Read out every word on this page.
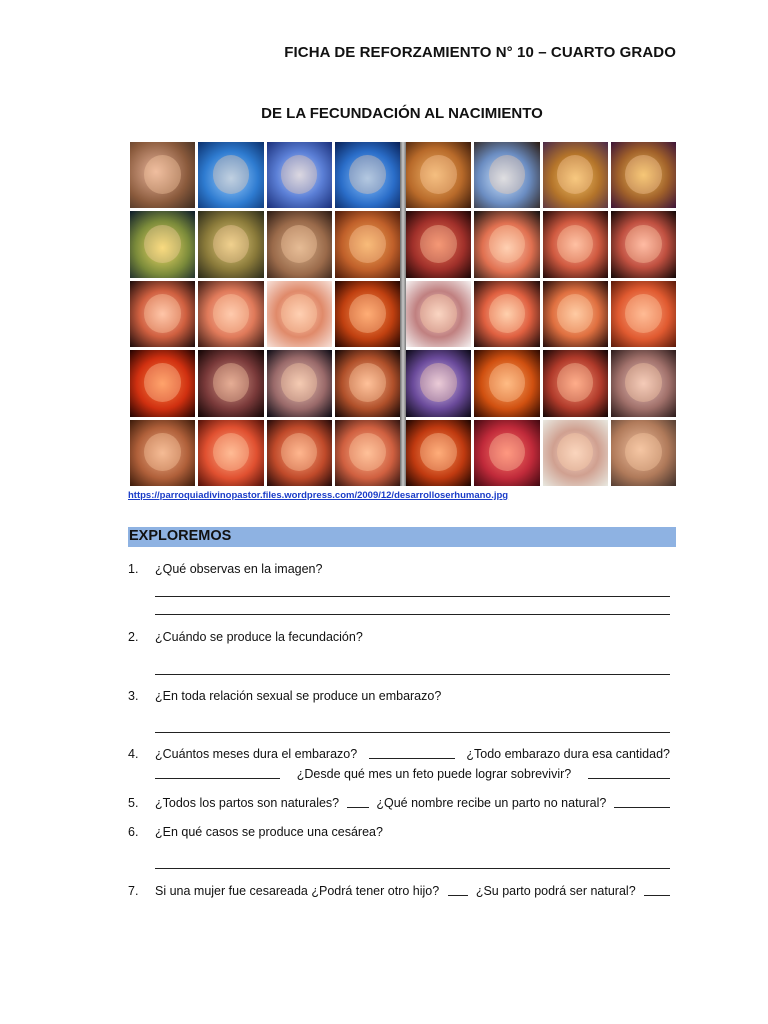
FICHA DE REFORZAMIENTO N° 10 – CUARTO GRADO
DE LA FECUNDACIÓN AL NACIMIENTO
https://parroquiadivinopastor.files.wordpress.com/2009/12/desarrolloserhumano.jpg
EXPLOREMOS
1. ¿Qué observas en la imagen?
2. ¿Cuándo se produce la fecundación?
3. ¿En toda relación sexual se produce un embarazo?
4. ¿Cuántos meses dura el embarazo?	¿Todo embarazo dura esa cantidad?
¿Desde qué mes un feto puede lograr sobrevivir?
5. ¿Todos los partos son naturales?	¿Qué nombre recibe un parto no natural?
6. ¿En qué casos se produce una cesárea?
7. Si una mujer fue cesareada ¿Podrá tener otro hijo?	¿Su parto podrá ser natural?
